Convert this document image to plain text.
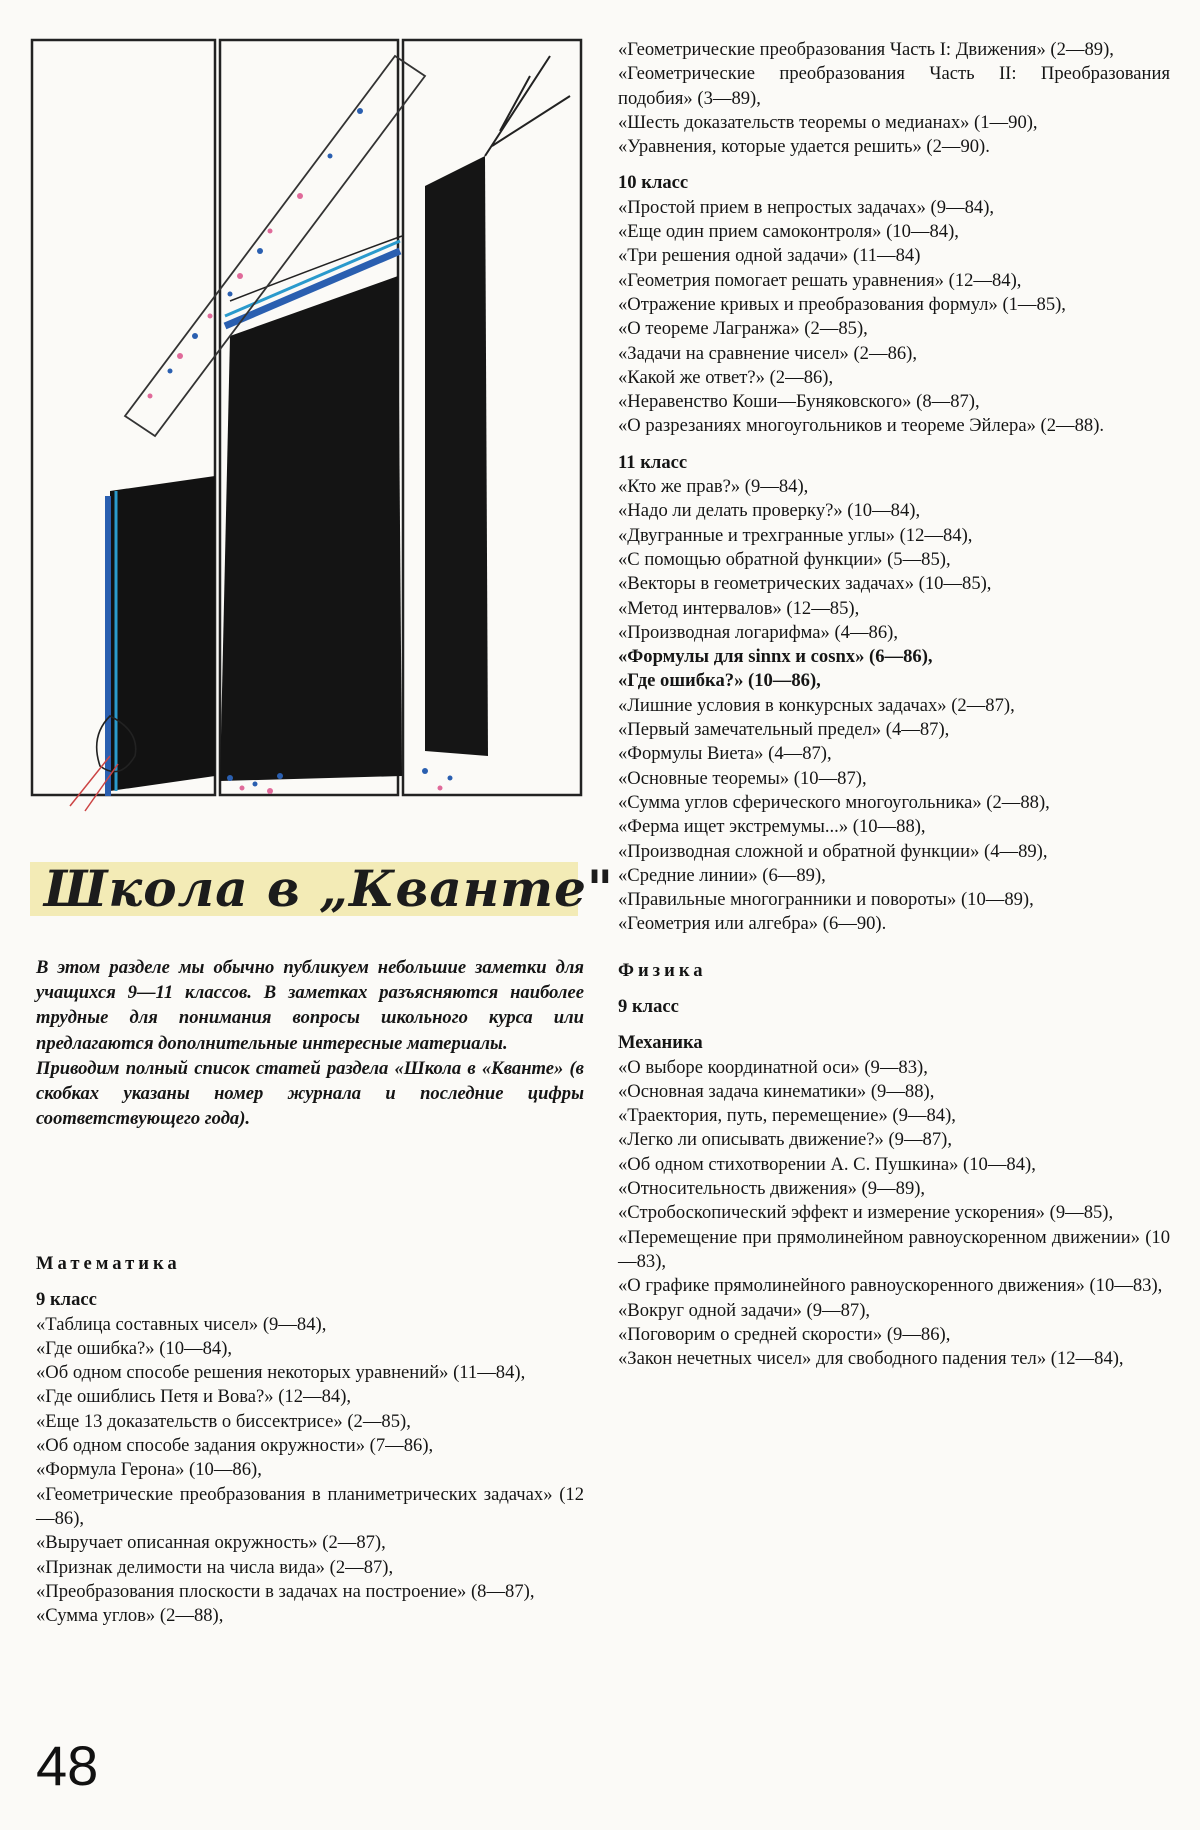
Школа в „Кванте"

В этом разделе мы обычно публикуем небольшие заметки для учащихся 9—11 классов. В заметках разъясняются наиболее трудные для понимания вопросы школьного курса или предлагаются дополнительные интересные материалы.

Приводим полный список статей раздела «Школа в «Кванте» (в скобках указаны номер журнала и последние цифры соответствующего года).

Математика
9 класс
«Таблица составных чисел» (9—84),
«Где ошибка?» (10—84),
«Об одном способе решения некоторых уравнений» (11—84),
«Где ошиблись Петя и Вова?» (12—84),
«Еще 13 доказательств о биссектрисе» (2—85),
«Об одном способе задания окружности» (7—86),
«Формула Герона» (10—86),
«Геометрические преобразования в планиметрических задачах» (12—86),
«Выручает описанная окружность» (2—87),
«Признак делимости на числа вида» (2—87),
«Преобразования плоскости в задачах на построение» (8—87),
«Сумма углов» (2—88),
«Геометрические преобразования Часть I: Движения» (2—89),
«Геометрические преобразования Часть II: Преобразования подобия» (3—89),
«Шесть доказательств теоремы о медианах» (1—90),
«Уравнения, которые удается решить» (2—90).
10 класс
«Простой прием в непростых задачах» (9—84),
«Еще один прием самоконтроля» (10—84),
«Три решения одной задачи» (11—84)
«Геометрия помогает решать уравнения» (12—84),
«Отражение кривых и преобразования формул» (1—85),
«О теореме Лагранжа» (2—85),
«Задачи на сравнение чисел» (2—86),
«Какой же ответ?» (2—86),
«Неравенство Коши—Буняковского» (8—87),
«О разрезаниях многоугольников и теореме Эйлера» (2—88).
11 класс
«Кто же прав?» (9—84),
«Надо ли делать проверку?» (10—84),
«Двугранные и трехгранные углы» (12—84),
«С помощью обратной функции» (5—85),
«Векторы в геометрических задачах» (10—85),
«Метод интервалов» (12—85),
«Производная логарифма» (4—86),
«Формулы для sinnx и cosnx» (6—86),
«Где ошибка?» (10—86),
«Лишние условия в конкурсных задачах» (2—87),
«Первый замечательный предел» (4—87),
«Формулы Виета» (4—87),
«Основные теоремы» (10—87),
«Сумма углов сферического многоугольника» (2—88),
«Ферма ищет экстремумы...» (10—88),
«Производная сложной и обратной функции» (4—89),
«Средние линии» (6—89),
«Правильные многогранники и повороты» (10—89),
«Геометрия или алгебра» (6—90).
Физика
9 класс
Механика
«О выборе координатной оси» (9—83),
«Основная задача кинематики» (9—88),
«Траектория, путь, перемещение» (9—84),
«Легко ли описывать движение?» (9—87),
«Об одном стихотворении А. С. Пушкина» (10—84),
«Относительность движения» (9—89),
«Стробоскопический эффект и измерение ускорения» (9—85),
«Перемещение при прямолинейном равноускоренном движении» (10—83),
«О графике прямолинейного равноускоренного движения» (10—83),
«Вокруг одной задачи» (9—87),
«Поговорим о средней скорости» (9—86),
«Закон нечетных чисел» для свободного падения тел» (12—84),
48
